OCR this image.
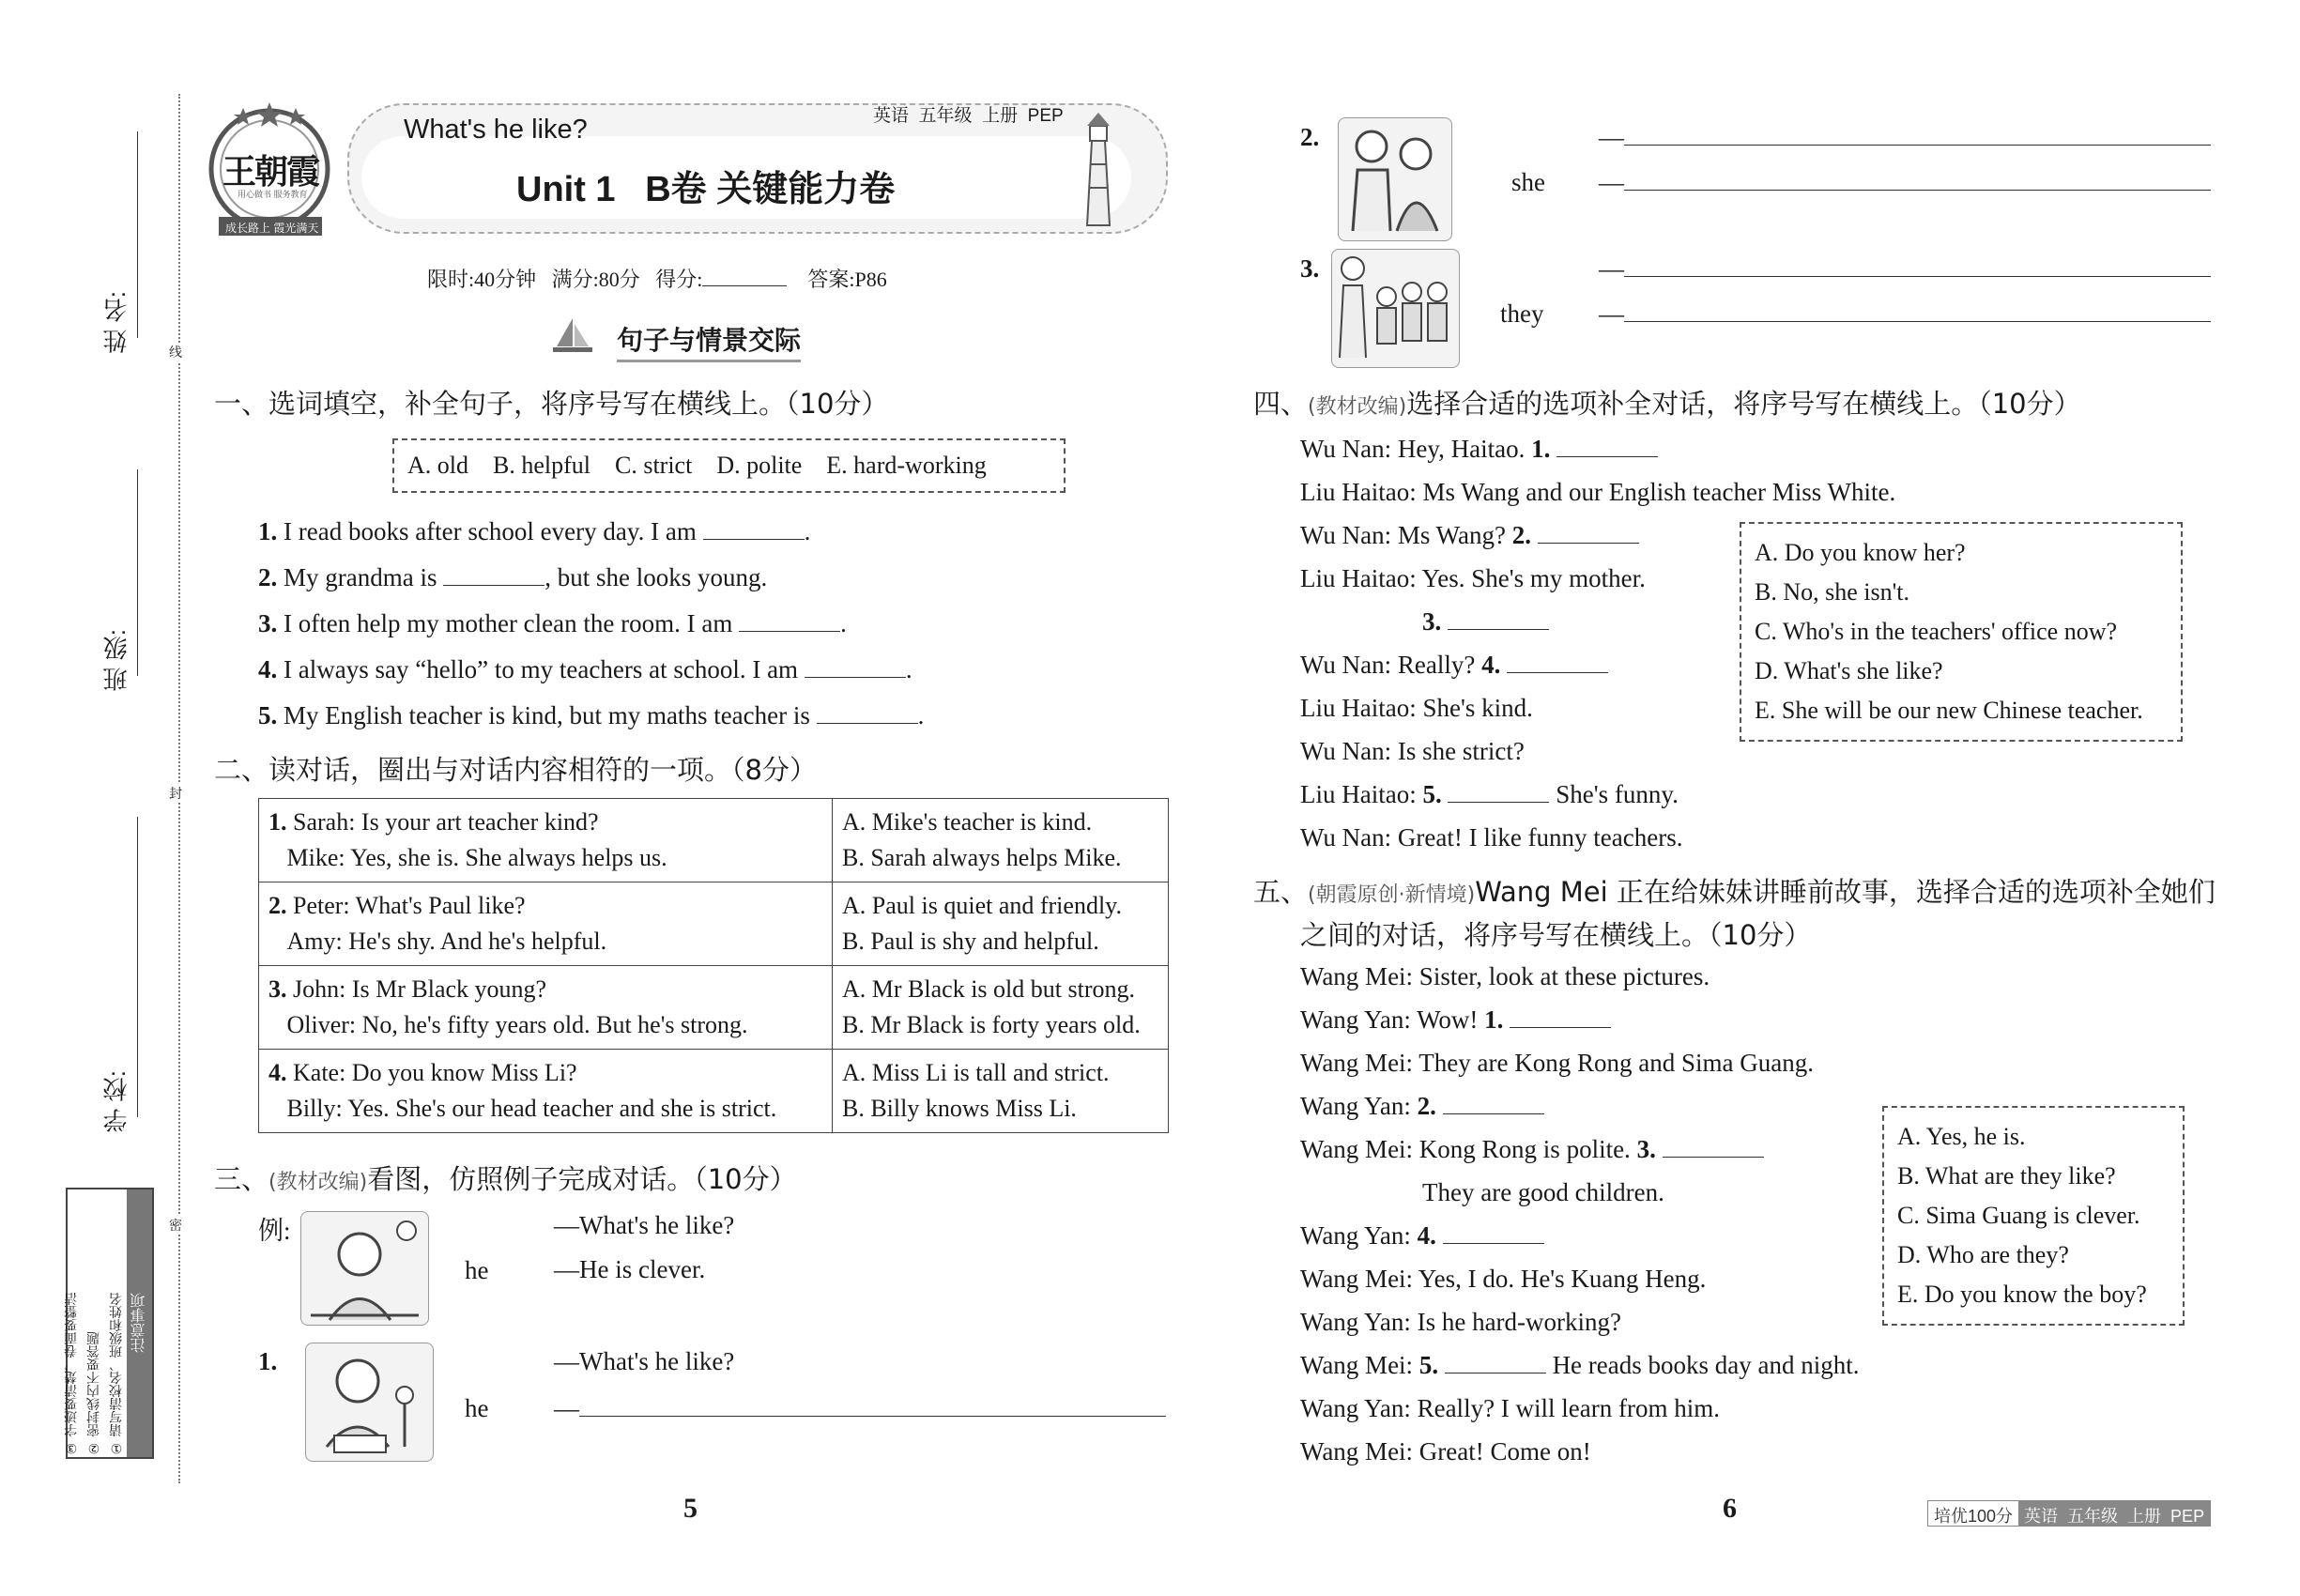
姓 名:
班 级:
学 校:
线
封
密
注意事项
① 请写清校名、班级和姓名
② 密封线内不要答题
③ 字迹要清楚，卷面要整洁
王朝霞
用心做书 服务教育
成长路上 霞光满天
What's he like?	英语  五年级  上册  PEP
Unit 1   B卷 关键能力卷
限时:40分钟 满分:80分 得分:	答案:P86
句子与情景交际
一、选词填空，补全句子，将序号写在横线上。（10分）
A. old    B. helpful    C. strict    D. polite    E. hard-working
1. I read books after school every day. I am	.
2. My grandma is	, but she looks young.
3. I often help my mother clean the room. I am	.
4. I always say “hello” to my teachers at school. I am	.
5. My English teacher is kind, but my maths teacher is	.
二、读对话，圈出与对话内容相符的一项。（8分）
1. Sarah: Is your art teacher kind?
Mike: Yes, she is. She always helps us.	A. Mike's teacher is kind.
B. Sarah always helps Mike.
2. Peter: What's Paul like?
Amy: He's shy. And he's helpful.	A. Paul is quiet and friendly.
B. Paul is shy and helpful.
3. John: Is Mr Black young?
Oliver: No, he's fifty years old. But he's strong.	A. Mr Black is old but strong.
B. Mr Black is forty years old.
4. Kate: Do you know Miss Li?
Billy: Yes. She's our head teacher and she is strict.	A. Miss Li is tall and strict.
B. Billy knows Miss Li.
三、(教材改编)看图，仿照例子完成对话。（10分）
例:
he
—What's he like?
—He is clever.
1.
he
—What's he like?
—
2.
she
—
—
3.
they
—
—
四、(教材改编)选择合适的选项补全对话，将序号写在横线上。（10分）
Wu Nan: Hey, Haitao. 1.
Liu Haitao: Ms Wang and our English teacher Miss White.
Wu Nan: Ms Wang? 2.
Liu Haitao: Yes. She's my mother.
3.
Wu Nan: Really? 4.
Liu Haitao: She's kind.
Wu Nan: Is she strict?
Liu Haitao: 5.	She's funny.
Wu Nan: Great! I like funny teachers.
A. Do you know her?
B. No, she isn't.
C. Who's in the teachers' office now?
D. What's she like?
E. She will be our new Chinese teacher.
五、(朝霞原创·新情境)Wang Mei 正在给妹妹讲睡前故事，选择合适的选项补全她们
之间的对话，将序号写在横线上。（10分）
Wang Mei: Sister, look at these pictures.
Wang Yan: Wow! 1.
Wang Mei: They are Kong Rong and Sima Guang.
Wang Yan: 2.
Wang Mei: Kong Rong is polite. 3.
They are good children.
Wang Yan: 4.
Wang Mei: Yes, I do. He's Kuang Heng.
Wang Yan: Is he hard-working?
Wang Mei: 5.	He reads books day and night.
Wang Yan: Really? I will learn from him.
Wang Mei: Great! Come on!
A. Yes, he is.
B. What are they like?
C. Sima Guang is clever.
D. Who are they?
E. Do you know the boy?
5	6	培优100分 英语  五年级  上册  PEP
